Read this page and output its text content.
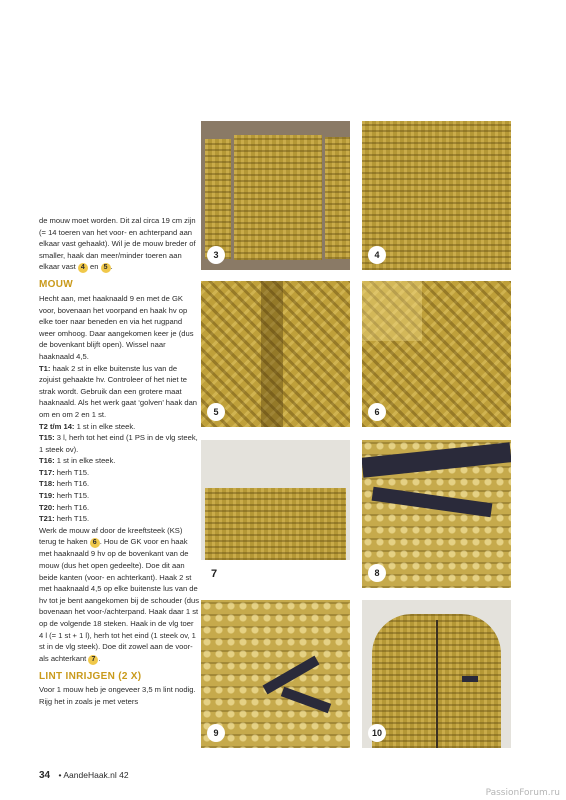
de mouw moet worden. Dit zal circa 19 cm zijn (= 14 toeren van het voor- en achterpand aan elkaar vast gehaakt). Wil je de mouw breder of smaller, haak dan meer/minder toeren aan elkaar vast 4 en 5 .

MOUW

Hecht aan, met haaknaald 9 en met de GK voor, bovenaan het voorpand en haak hv op elke toer naar beneden en via het rugpand weer omhoog. Daar aangekomen keer je (dus de bovenkant blijft open). Wissel naar haaknaald 4,5.

T1: haak 2 st in elke buitenste lus van de zojuist gehaakte hv. Controleer of het niet te strak wordt. Gebruik dan een grotere maat haaknaald. Als het werk gaat ‘golven’ haak dan om en om 2 en 1 st.

T2 t/m 14: 1 st in elke steek.

T15: 3 l, herh tot het eind (1 PS in de vlg steek, 1 steek ov).

T16: 1 st in elke steek.

T17: herh T15.

T18: herh T16.

T19: herh T15.

T20: herh T16.

T21: herh T15.

Werk de mouw af door de kreeftsteek (KS) terug te haken 6 . Hou de GK voor en haak met haaknaald 9 hv op de bovenkant van de mouw (dus het open gedeelte). Doe dit aan beide kanten (voor- en achterkant). Haak 2 st met haaknaald 4,5 op elke buitenste lus van de hv tot je bent aangekomen bij de schouder (dus bovenaan het voor-/achterpand. Haak daar 1 st op de volgende 18 steken. Haak in de vlg toer 4 l (= 1 st + 1 l), herh tot het eind (1 steek ov, 1 st in de vlg steek). Doe dit zowel aan de voor- als achterkant 7 .

LINT INRIJGEN (2 X)

Voor 1 mouw heb je ongeveer 3,5 m lint nodig. Rijg het in zoals je met veters

3	4
5	6
7	8
9	10
34 • AandeHaak.nl 42
PassionForum.ru
